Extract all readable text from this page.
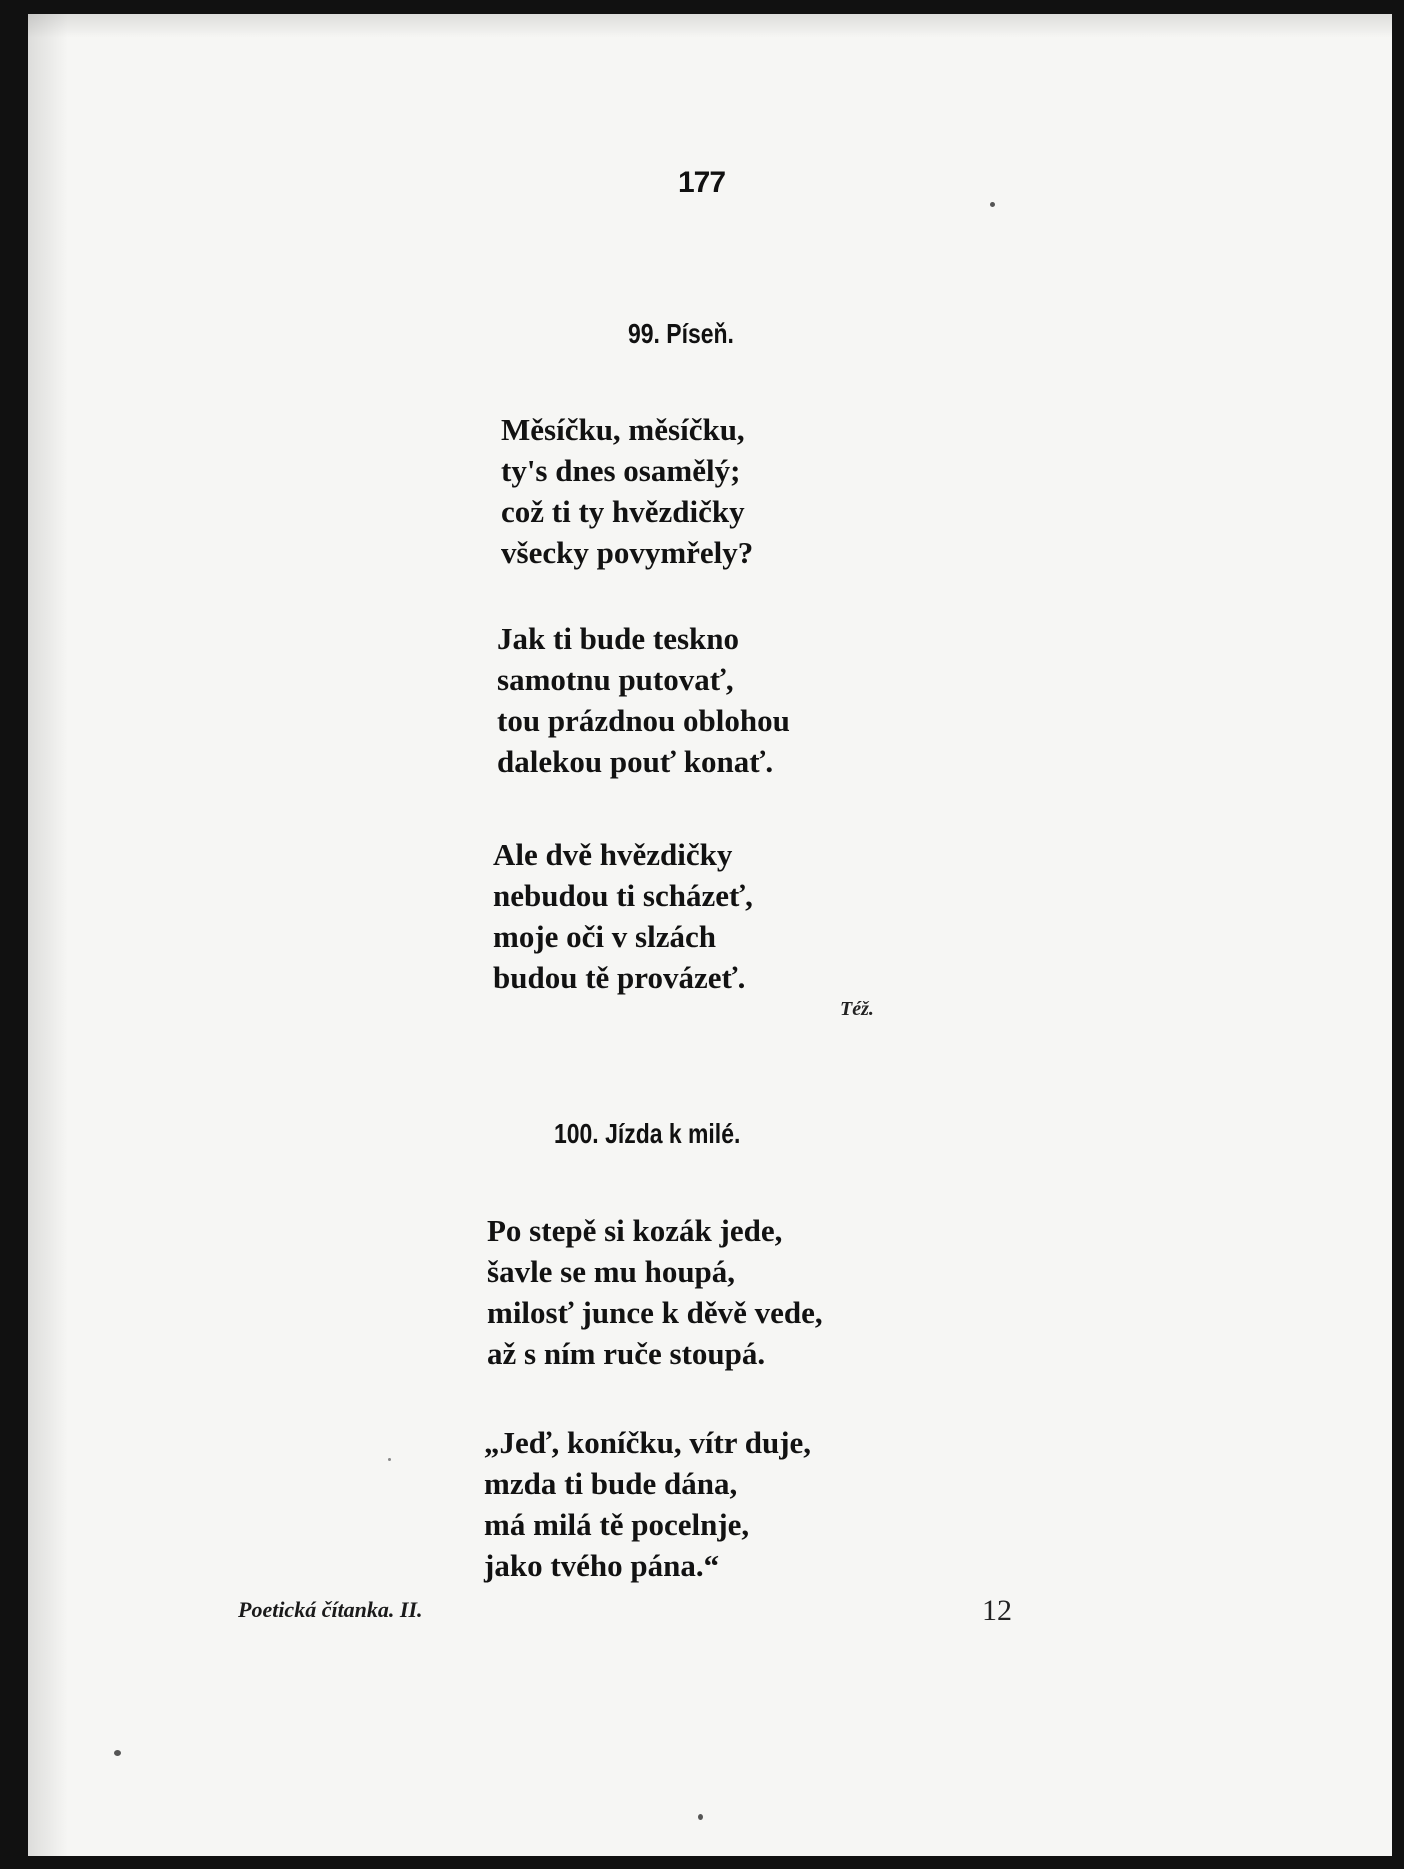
177
99. Píseň.
Měsíčku, měsíčku,
ty's dnes osamělý;
což ti ty hvězdičky
všecky povymřely?
Jak ti bude teskno
samotnu putovať,
tou prázdnou oblohou
dalekou pouť konať.
Ale dvě hvězdičky
nebudou ti scházeť,
moje oči v slzách
budou tě provázeť.
Též.
100. Jízda k milé.
Po stepě si kozák jede,
šavle se mu houpá,
milosť junce k děvě vede,
až s ním ruče stoupá.
„Jeď, koníčku, vítr duje,
mzda ti bude dána,
má milá tě pocelnje,
jako tvého pána.“
Poetická čítanka. II.	12
